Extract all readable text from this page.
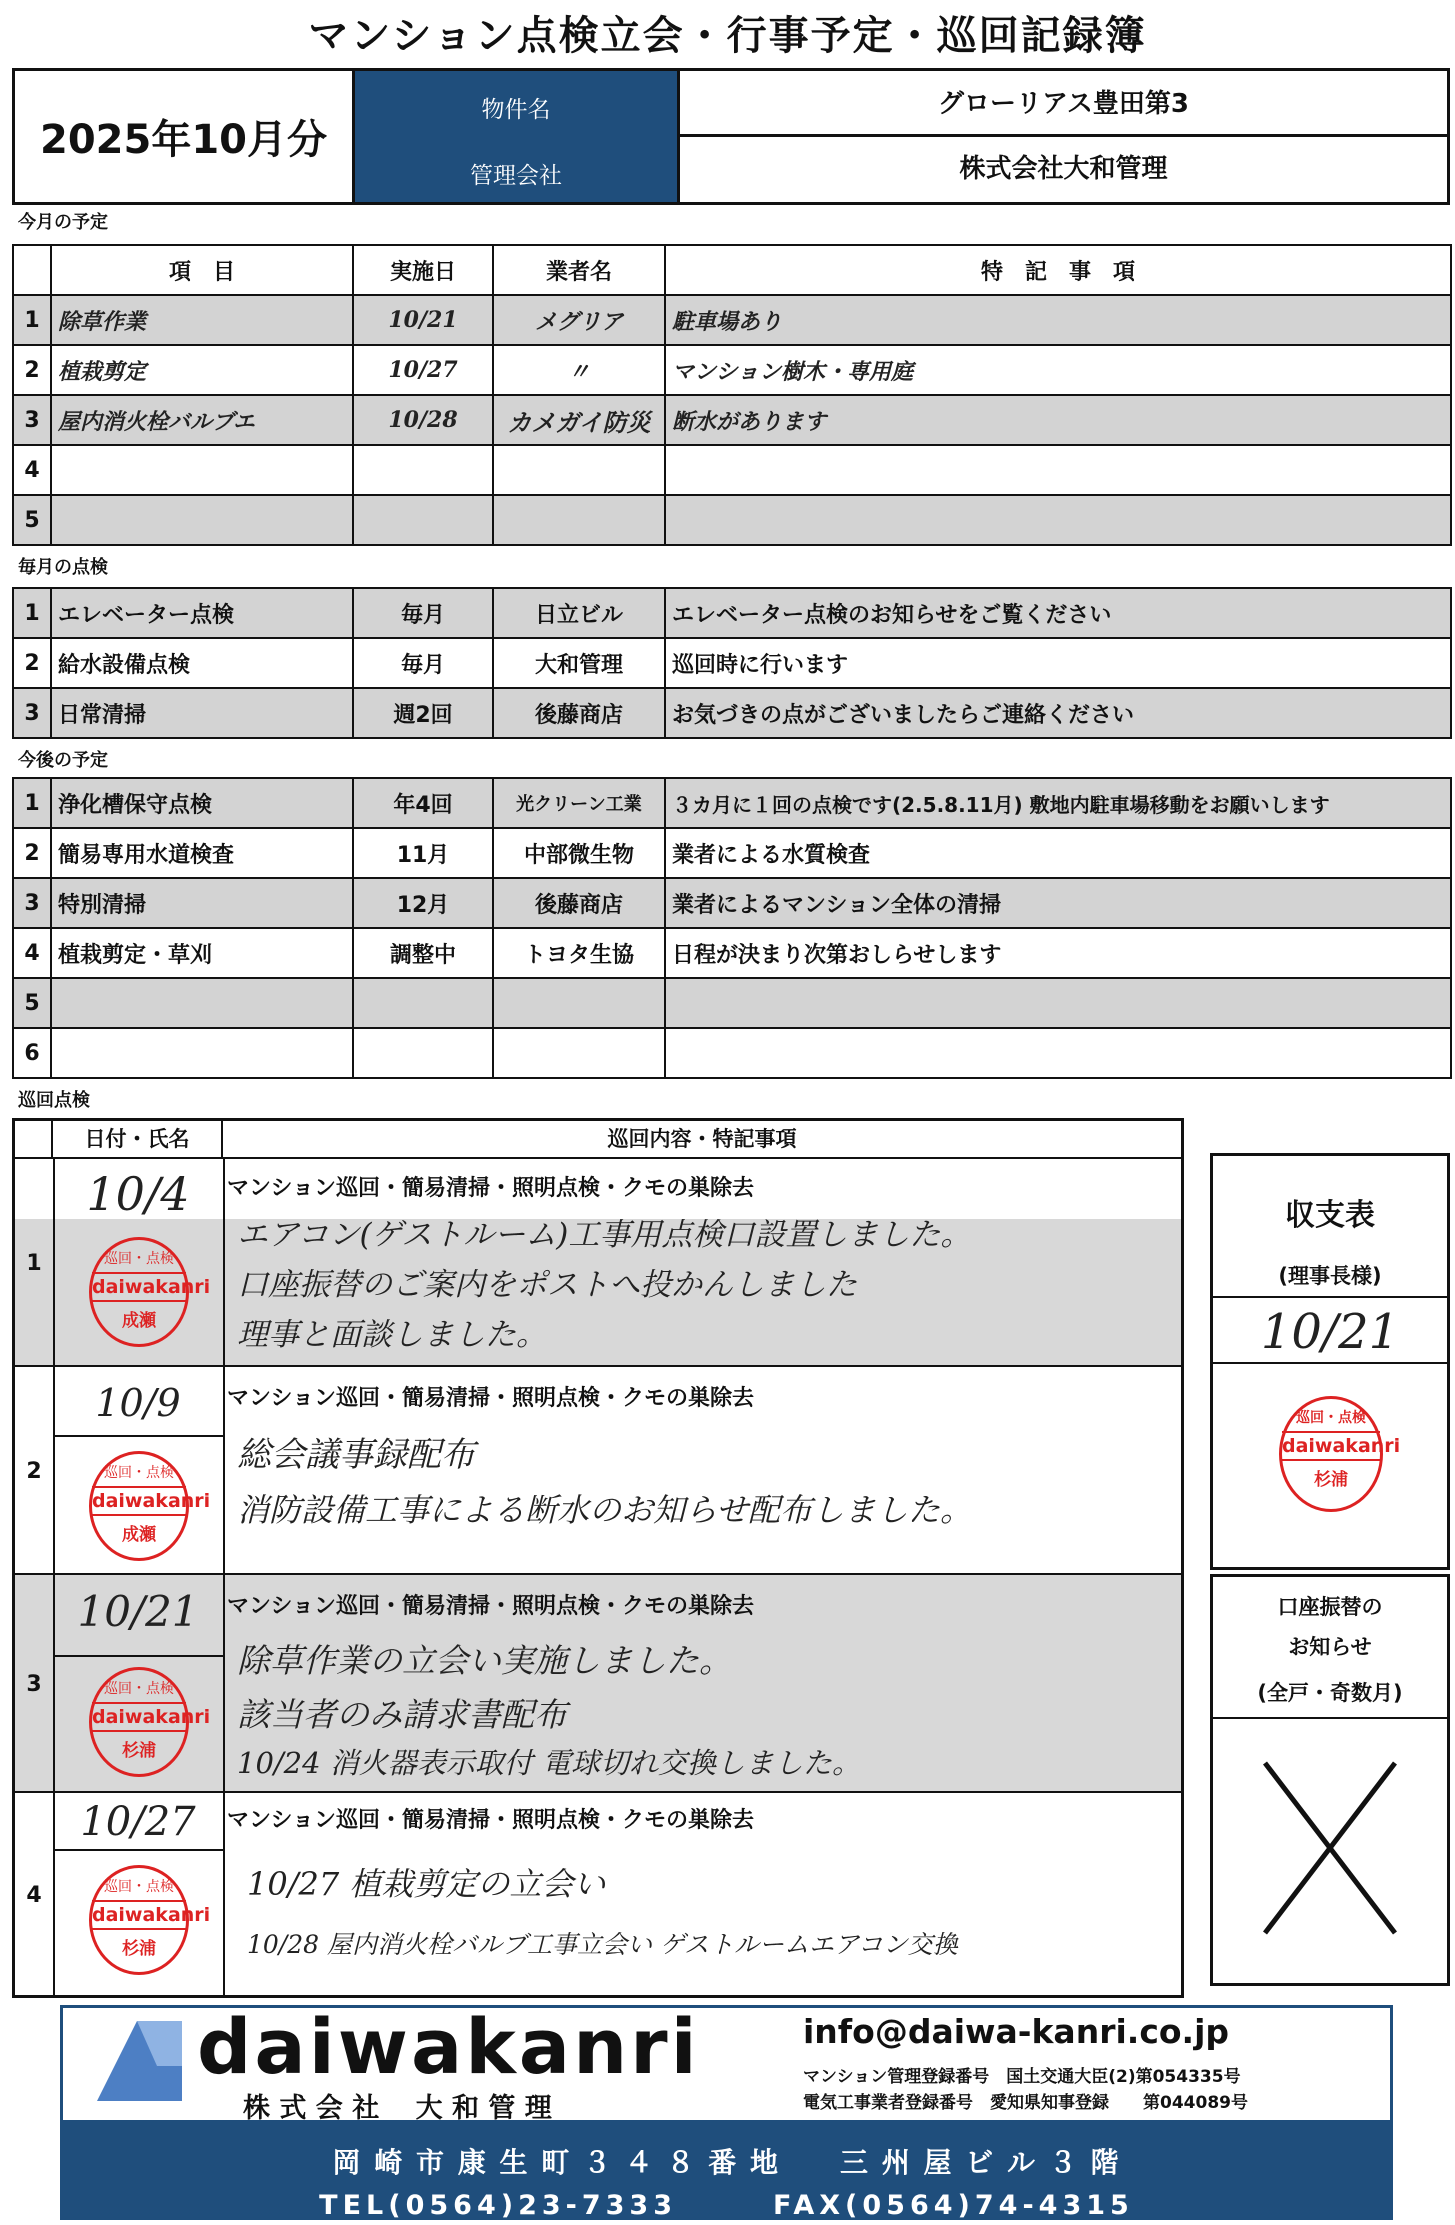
マンション点検立会・行事予定・巡回記録簿
2025年10月分
物件名
管理会社
グローリアス豊田第3
株式会社大和管理
今月の予定
	項　目	実施日	業者名	特　記　事　項
1	除草作業	10/21	メグリア	駐車場あり
2	植栽剪定	10/27	〃	マンション樹木・専用庭
3	屋内消火栓バルブエ	10/28	カメガイ防災	断水があります
4				
5				
毎月の点検
1	エレベーター点検	毎月	日立ビル	エレベーター点検のお知らせをご覧ください
2	給水設備点検	毎月	大和管理	巡回時に行います
3	日常清掃	週2回	後藤商店	お気づきの点がございましたらご連絡ください
今後の予定
1	浄化槽保守点検	年4回	光クリーン工業	３カ月に１回の点検です(2.5.8.11月) 敷地内駐車場移動をお願いします
2	簡易専用水道検査	11月	中部微生物	業者による水質検査
3	特別清掃	12月	後藤商店	業者によるマンション全体の清掃
4	植栽剪定・草刈	調整中	トヨタ生協	日程が決まり次第おしらせします
5				
6				
巡回点検
日付・氏名	巡回内容・特記事項
1
10/4
巡回・点検
daiwakanri
成瀬
マンション巡回・簡易清掃・照明点検・クモの巣除去
エアコン(ゲストルーム)工事用点検口設置しました。
口座振替のご案内をポストへ投かんしました
理事と面談しました。
2
10/9
巡回・点検
daiwakanri
成瀬
マンション巡回・簡易清掃・照明点検・クモの巣除去
総会議事録配布
消防設備工事による断水のお知らせ配布しました。
3
10/21
巡回・点検
daiwakanri
杉浦
マンション巡回・簡易清掃・照明点検・クモの巣除去
除草作業の立会い実施しました。
該当者のみ請求書配布
10/24 消火器表示取付 電球切れ交換しました。
4
10/27
巡回・点検
daiwakanri
杉浦
マンション巡回・簡易清掃・照明点検・クモの巣除去
10/27 植栽剪定の立会い
10/28 屋内消火栓バルブ工事立会い ゲストルームエアコン交換
収支表
(理事長様)
10/21
巡回・点検
daiwakanri
杉浦
口座振替の
お知らせ
(全戸・奇数月)
daiwakanri
株 式 会 社　 大 和 管 理
info@daiwa-kanri.co.jp
マンション管理登録番号　国土交通大臣(2)第054335号
電気工事業者登録番号　愛知県知事登録　　第044089号
岡 崎 市 康 生 町 ３ ４ ８ 番 地　　三 州 屋 ビ ル ３ 階
TEL(0564)23-7333　　　FAX(0564)74-4315
